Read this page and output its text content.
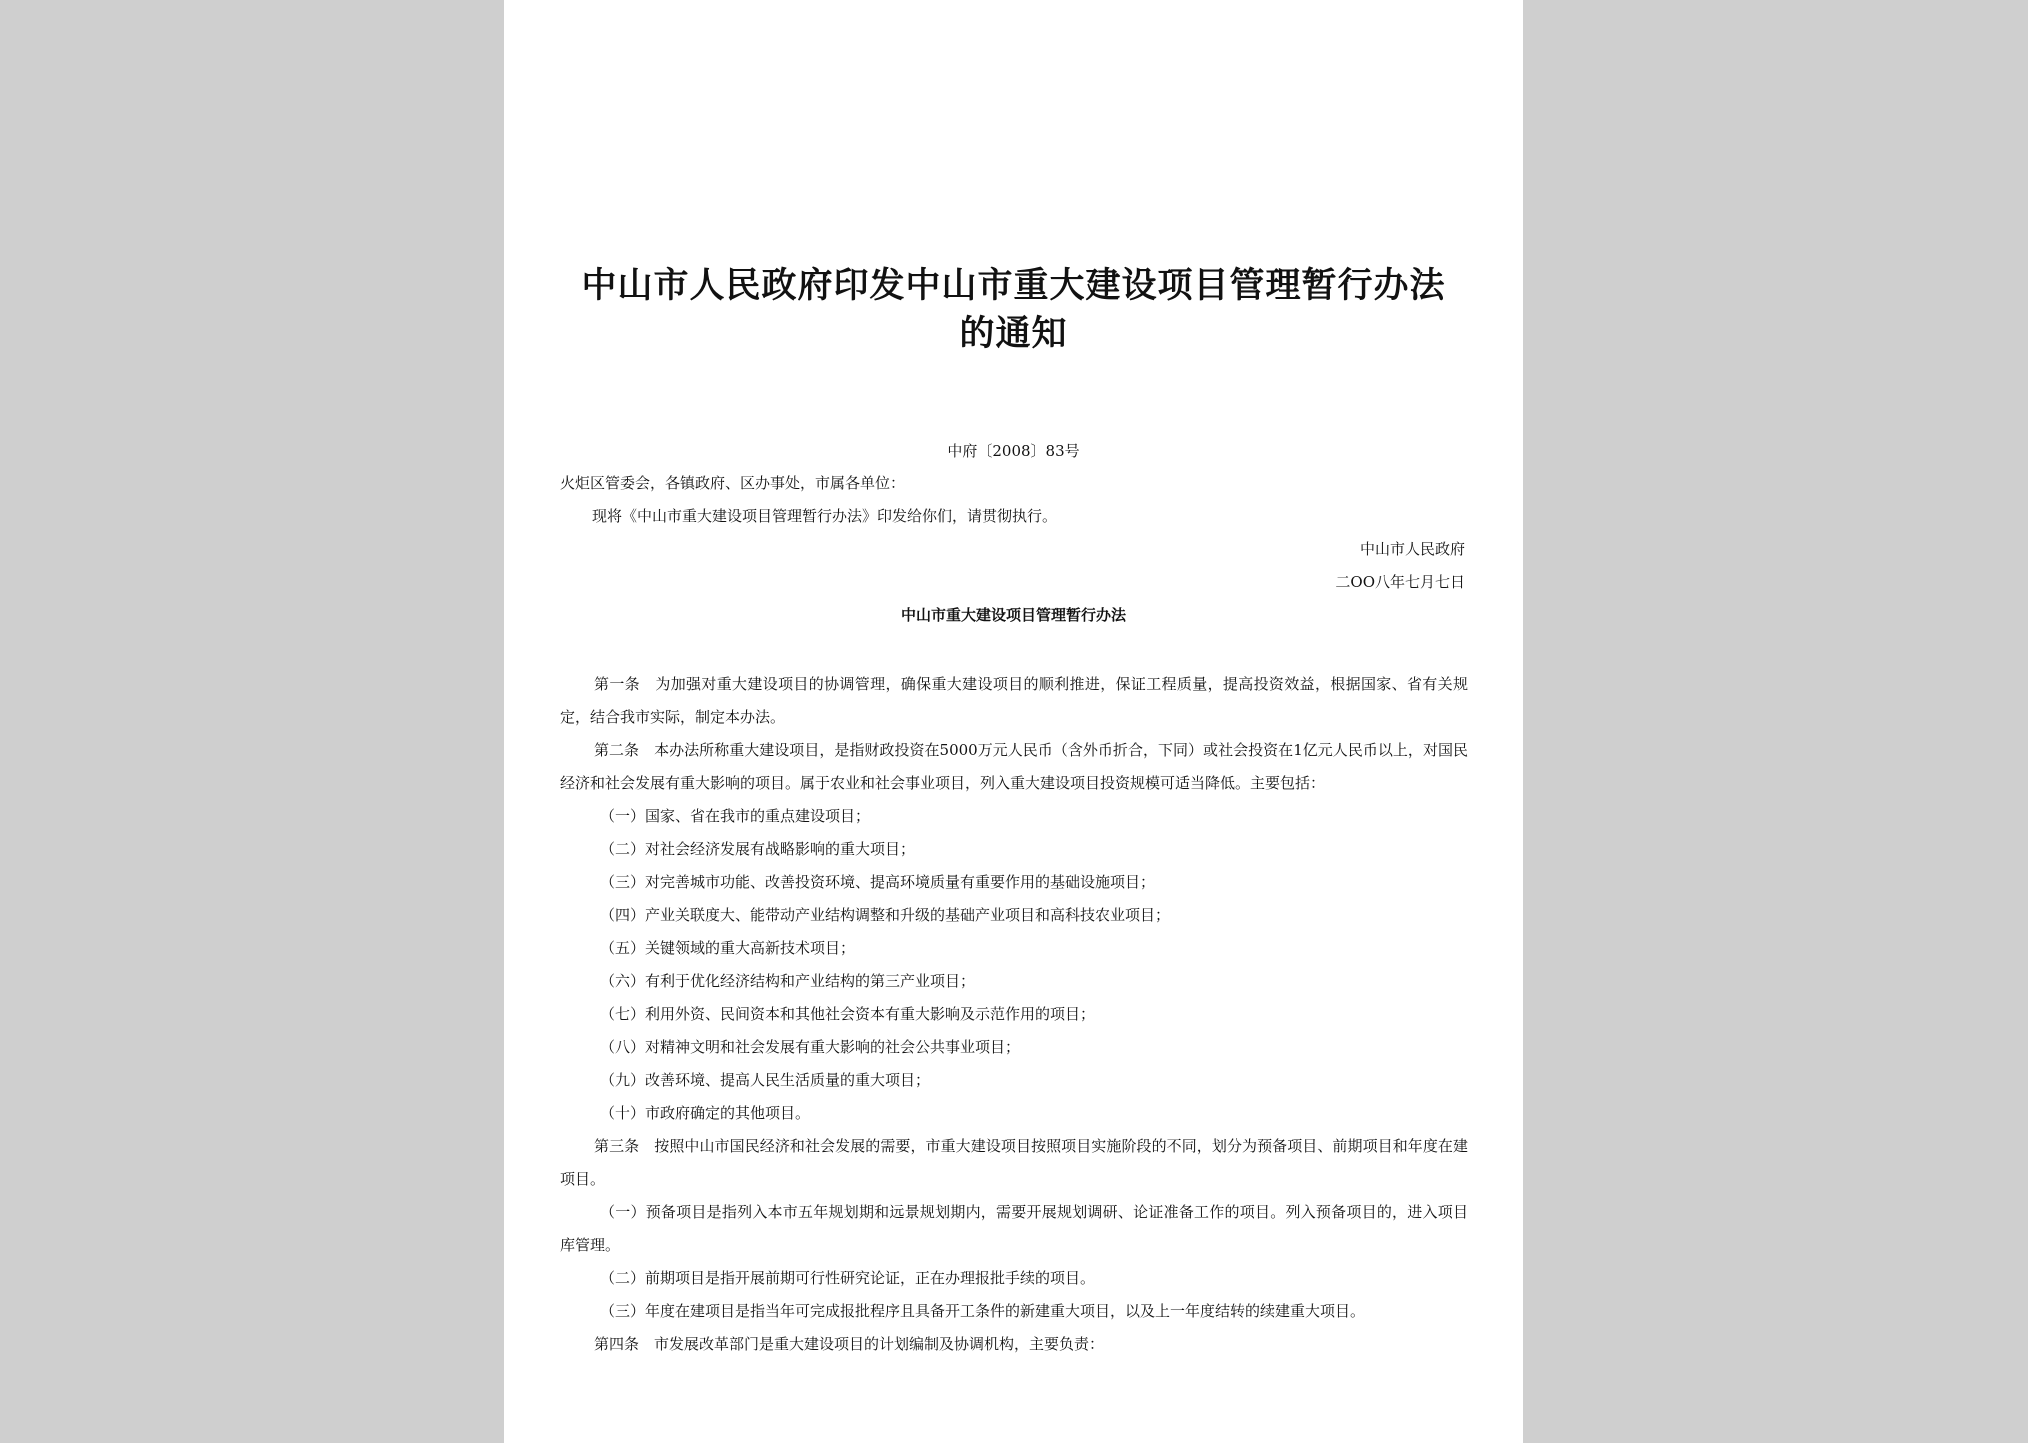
中山市人民政府印发中山市重大建设项目管理暂行办法
的通知
中府〔2008〕83号
火炬区管委会，各镇政府、区办事处，市属各单位：
现将《中山市重大建设项目管理暂行办法》印发给你们，请贯彻执行。
中山市人民政府
二ΟΟ八年七月七日
中山市重大建设项目管理暂行办法

第一条　为加强对重大建设项目的协调管理，确保重大建设项目的顺利推进，保证工程质量，提高投资效益，根据国家、省有关规定，结合我市实际，制定本办法。

第二条　本办法所称重大建设项目，是指财政投资在5000万元人民币（含外币折合，下同）或社会投资在1亿元人民币以上，对国民经济和社会发展有重大影响的项目。属于农业和社会事业项目，列入重大建设项目投资规模可适当降低。主要包括：

（一）国家、省在我市的重点建设项目；

（二）对社会经济发展有战略影响的重大项目；

（三）对完善城市功能、改善投资环境、提高环境质量有重要作用的基础设施项目；

（四）产业关联度大、能带动产业结构调整和升级的基础产业项目和高科技农业项目；

（五）关键领域的重大高新技术项目；

（六）有利于优化经济结构和产业结构的第三产业项目；

（七）利用外资、民间资本和其他社会资本有重大影响及示范作用的项目；

（八）对精神文明和社会发展有重大影响的社会公共事业项目；

（九）改善环境、提高人民生活质量的重大项目；

（十）市政府确定的其他项目。

第三条　按照中山市国民经济和社会发展的需要，市重大建设项目按照项目实施阶段的不同，划分为预备项目、前期项目和年度在建项目。

（一）预备项目是指列入本市五年规划期和远景规划期内，需要开展规划调研、论证准备工作的项目。列入预备项目的，进入项目库管理。

（二）前期项目是指开展前期可行性研究论证，正在办理报批手续的项目。

（三）年度在建项目是指当年可完成报批程序且具备开工条件的新建重大项目，以及上一年度结转的续建重大项目。

第四条　市发展改革部门是重大建设项目的计划编制及协调机构，主要负责：
